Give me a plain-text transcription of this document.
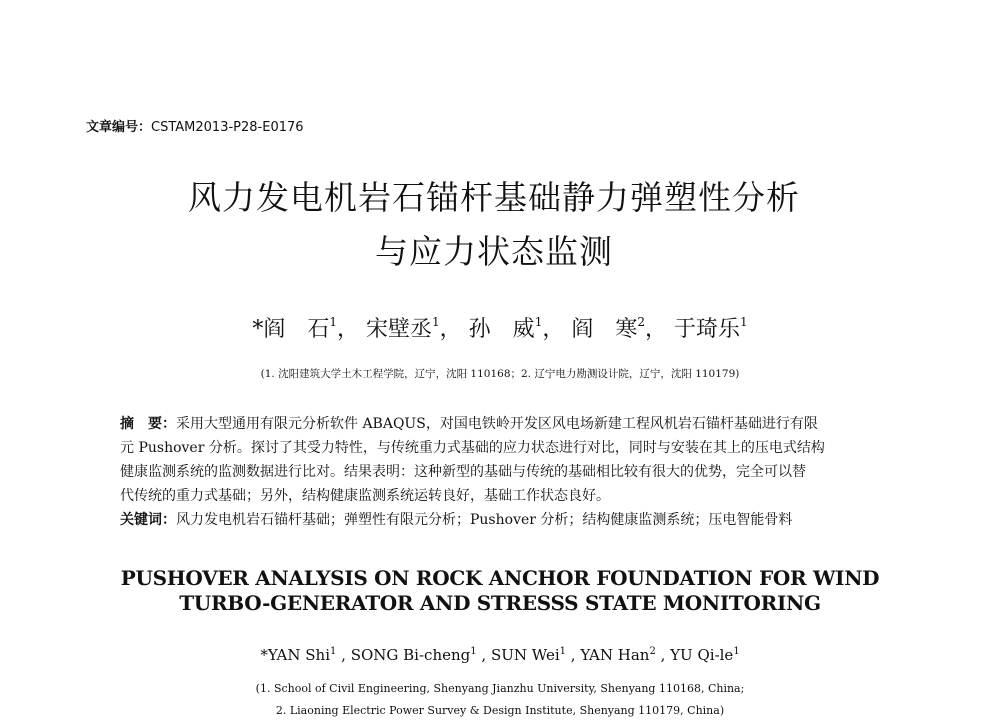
文章编号：CSTAM2013-P28-E0176
风力发电机岩石锚杆基础静力弹塑性分析
与应力状态监测
*阎　石$^1$， 宋壁丞$^1$， 孙　威$^1$， 阎　寒$^2$， 于琦乐$^1$
(1. 沈阳建筑大学土木工程学院，辽宁，沈阳 110168；2. 辽宁电力勘测设计院，辽宁，沈阳 110179)
摘　要：采用大型通用有限元分析软件 ABAQUS，对国电铁岭开发区风电场新建工程风机岩石锚杆基础进行有限
元 Pushover 分析。探讨了其受力特性，与传统重力式基础的应力状态进行对比，同时与安装在其上的压电式结构
健康监测系统的监测数据进行比对。结果表明：这种新型的基础与传统的基础相比较有很大的优势，完全可以替
代传统的重力式基础；另外，结构健康监测系统运转良好，基础工作状态良好。
关键词：风力发电机岩石锚杆基础；弹塑性有限元分析；Pushover 分析；结构健康监测系统；压电智能骨料
PUSHOVER ANALYSIS ON ROCK ANCHOR FOUNDATION FOR WIND
TURBO-GENERATOR AND STRESSS STATE MONITORING
*YAN Shi$^1$ , SONG Bi-cheng$^1$ , SUN Wei$^1$ , YAN Han$^2$ , YU $Qi-le^1$
(1. School of Civil Engineering, Shenyang Jianzhu University, Shenyang 110168, China;
2. Liaoning Electric Power Survey & Design Institute, Shenyang 110179, China)
